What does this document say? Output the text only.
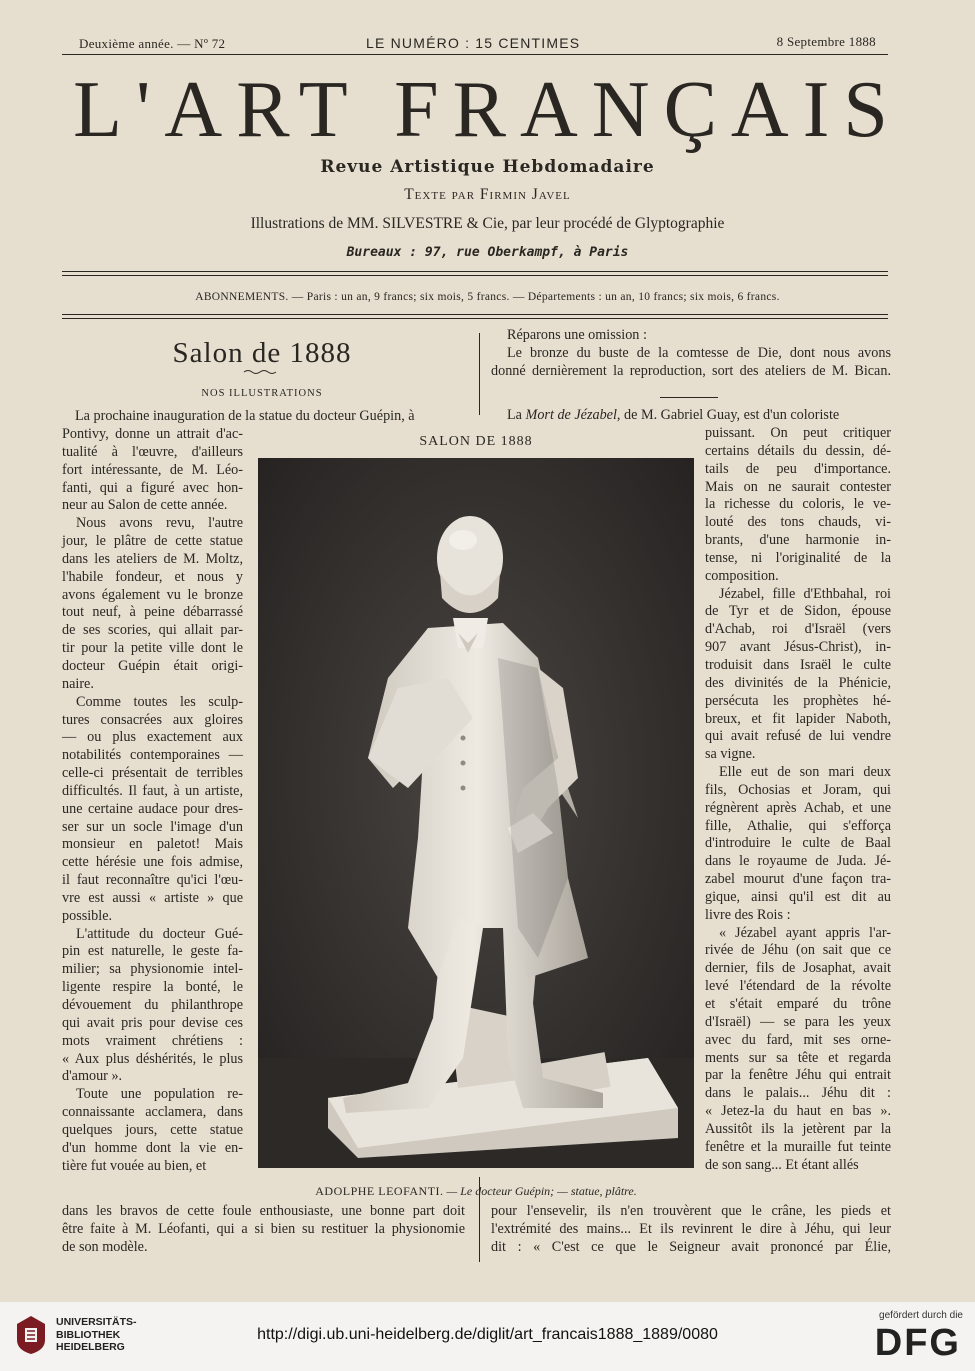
Deuxième année. — Nº 72	LE NUMÉRO : 15 CENTIMES	8 Septembre 1888
L'ART FRANÇAIS
Revue Artistique Hebdomadaire
Texte par Firmin Javel
Illustrations de MM. SILVESTRE & Cie, par leur procédé de Glyptographie
Bureaux : 97, rue Oberkampf, à Paris
ABONNEMENTS. — Paris : un an, 9 francs; six mois, 5 francs. — Départements : un an, 10 francs; six mois, 6 francs.
Salon de 1888
NOS ILLUSTRATIONS
La prochaine inauguration de la statue du docteur Guépin, à
Pontivy, donne un attrait d'ac-
tualité à l'œuvre, d'ailleurs
fort intéressante, de M. Léo-
fanti, qui a figuré avec hon-
neur au Salon de cette année.
Nous avons revu, l'autre
jour, le plâtre de cette statue
dans les ateliers de M. Moltz,
l'habile fondeur, et nous y
avons également vu le bronze
tout neuf, à peine débarrassé
de ses scories, qui allait par-
tir pour la petite ville dont le
docteur Guépin était origi-
naire.
Comme toutes les sculp-
tures consacrées aux gloires
— ou plus exactement aux
notabilités contemporaines —
celle-ci présentait de terribles
difficultés. Il faut, à un artiste,
une certaine audace pour dres-
ser sur un socle l'image d'un
monsieur en paletot! Mais
cette hérésie une fois admise,
il faut reconnaître qu'ici l'œu-
vre est aussi « artiste » que
possible.
L'attitude du docteur Gué-
pin est naturelle, le geste fa-
milier; sa physionomie intel-
ligente respire la bonté, le
dévouement du philanthrope
qui avait pris pour devise ces
mots vraiment chrétiens :
« Aux plus déshérités, le plus
d'amour ».
Toute une population re-
connaissante acclamera, dans
quelques jours, cette statue
d'un homme dont la vie en-
tière fut vouée au bien, et
dans les bravos de cette foule enthousiaste, une bonne part doit
être faite à M. Léofanti, qui a si bien su restituer la physionomie
de son modèle.
Réparons une omission :
Le bronze du buste de la comtesse de Die, dont nous avons
donné dernièrement la reproduction, sort des ateliers de M. Bican.
La Mort de Jézabel, de M. Gabriel Guay, est d'un coloriste
puissant. On peut critiquer
certains détails du dessin, dé-
tails de peu d'importance.
Mais on ne saurait contester
la richesse du coloris, le ve-
louté des tons chauds, vi-
brants, d'une harmonie in-
tense, ni l'originalité de la
composition.
Jézabel, fille d'Ethbahal, roi
de Tyr et de Sidon, épouse
d'Achab, roi d'Israël (vers
907 avant Jésus-Christ), in-
troduisit dans Israël le culte
des divinités de la Phénicie,
persécuta les prophètes hé-
breux, et fit lapider Naboth,
qui avait refusé de lui vendre
sa vigne.
Elle eut de son mari deux
fils, Ochosias et Joram, qui
régnèrent après Achab, et une
fille, Athalie, qui s'efforça
d'introduire le culte de Baal
dans le royaume de Juda. Jé-
zabel mourut d'une façon tra-
gique, ainsi qu'il est dit au
livre des Rois :
« Jézabel ayant appris l'ar-
rivée de Jéhu (on sait que ce
dernier, fils de Josaphat, avait
levé l'étendard de la révolte
et s'était emparé du trône
d'Israël) — se para les yeux
avec du fard, mit ses orne-
ments sur sa tête et regarda
par la fenêtre Jéhu qui entrait
dans le palais... Jéhu dit :
« Jetez-la du haut en bas ».
Aussitôt ils la jetèrent par la
fenêtre et la muraille fut teinte
de son sang... Et étant allés
pour l'ensevelir, ils n'en trouvèrent que le crâne, les pieds et
l'extrémité des mains... Et ils revinrent le dire à Jéhu, qui leur
dit : « C'est ce que le Seigneur avait prononcé par Élie,
SALON DE 1888
ADOLPHE LEOFANTI. — Le docteur Guépin; — statue, plâtre.
UNIVERSITÄTS-
BIBLIOTHEK
HEIDELBERG
http://digi.ub.uni-heidelberg.de/diglit/art_francais1888_1889/0080
gefördert durch die
DFG
